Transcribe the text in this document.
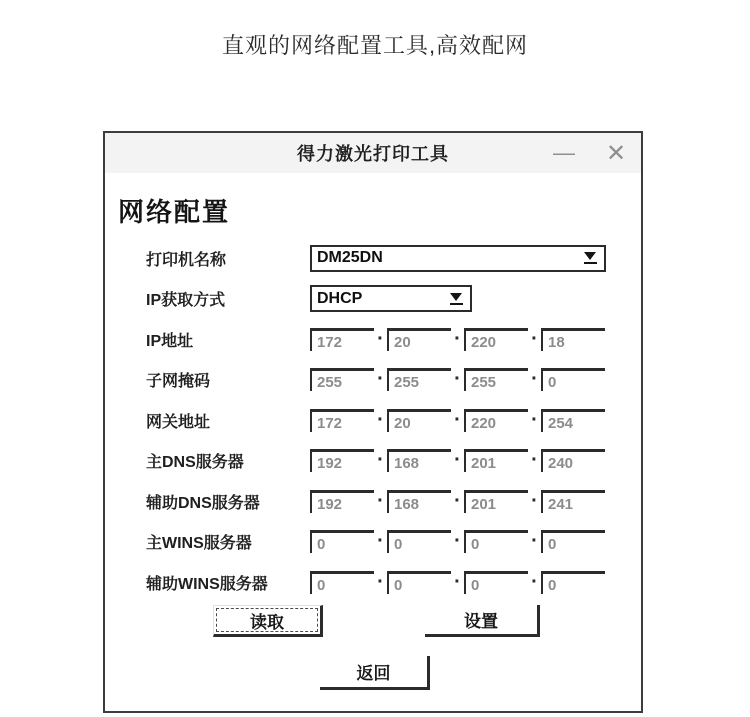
直观的网络配置工具,高效配网
得力激光打印工具	— ✕
网络配置
打印机名称	DM25DN
IP获取方式	DHCP
IP地址	172	· 20	· 220	· 18
子网掩码	255	· 255	· 255	· 0
网关地址	172	· 20	· 220	· 254
主DNS服务器	192	· 168	· 201	· 240
辅助DNS服务器	192	· 168	· 201	· 241
主WINS服务器	0	· 0	· 0	· 0
辅助WINS服务器	0	· 0	· 0	· 0
读取	设置
返回
